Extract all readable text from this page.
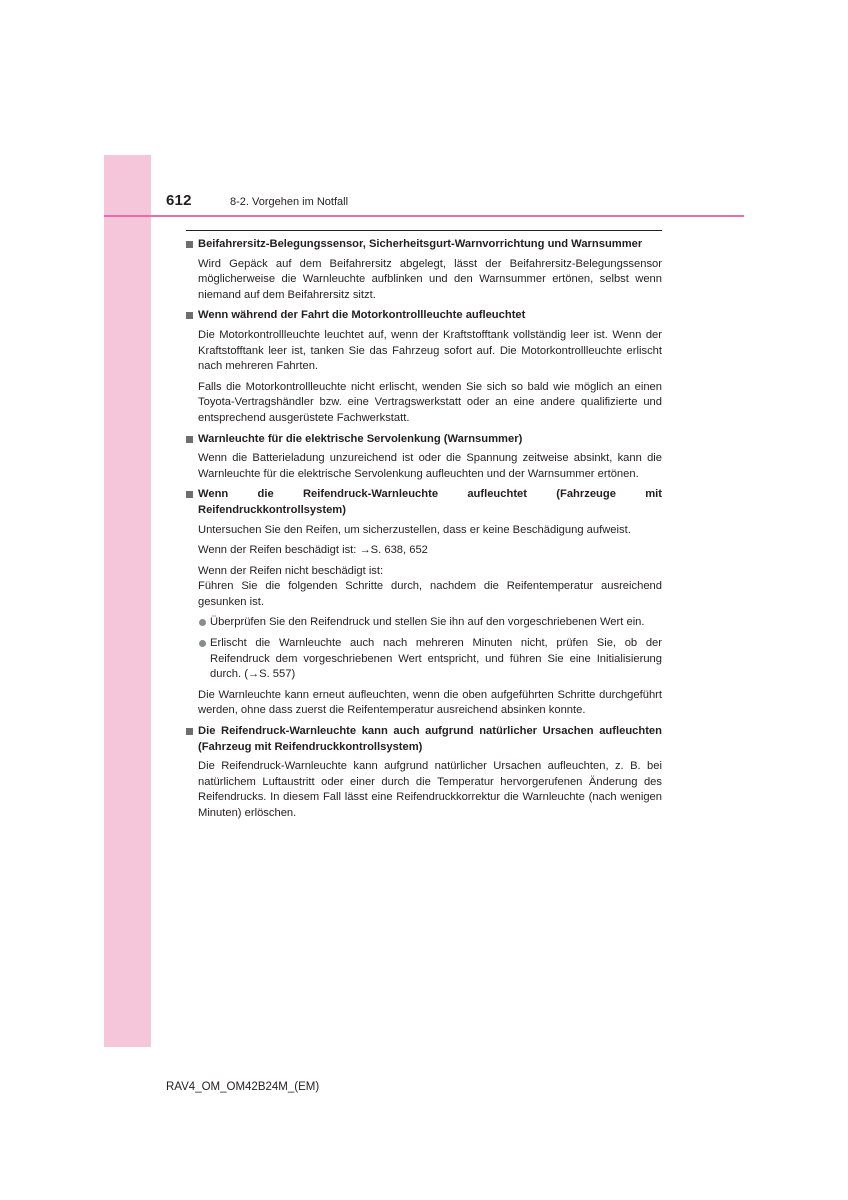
612	8-2. Vorgehen im Notfall
Beifahrersitz-Belegungssensor, Sicherheitsgurt-Warnvorrichtung und Warnsummer
Wird Gepäck auf dem Beifahrersitz abgelegt, lässt der Beifahrersitz-Belegungssensor möglicherweise die Warnleuchte aufblinken und den Warnsummer ertönen, selbst wenn niemand auf dem Beifahrersitz sitzt.
Wenn während der Fahrt die Motorkontrollleuchte aufleuchtet
Die Motorkontrollleuchte leuchtet auf, wenn der Kraftstofftank vollständig leer ist. Wenn der Kraftstofftank leer ist, tanken Sie das Fahrzeug sofort auf. Die Motorkontrollleuchte erlischt nach mehreren Fahrten.
Falls die Motorkontrollleuchte nicht erlischt, wenden Sie sich so bald wie möglich an einen Toyota-Vertragshändler bzw. eine Vertragswerkstatt oder an eine andere qualifizierte und entsprechend ausgerüstete Fachwerkstatt.
Warnleuchte für die elektrische Servolenkung (Warnsummer)
Wenn die Batterieladung unzureichend ist oder die Spannung zeitweise absinkt, kann die Warnleuchte für die elektrische Servolenkung aufleuchten und der Warnsummer ertönen.
Wenn die Reifendruck-Warnleuchte aufleuchtet (Fahrzeuge mit Reifendruckkontrollsystem)
Untersuchen Sie den Reifen, um sicherzustellen, dass er keine Beschädigung aufweist.
Wenn der Reifen beschädigt ist: →S. 638, 652
Wenn der Reifen nicht beschädigt ist:
Führen Sie die folgenden Schritte durch, nachdem die Reifentemperatur ausreichend gesunken ist.
Überprüfen Sie den Reifendruck und stellen Sie ihn auf den vorgeschriebenen Wert ein.
Erlischt die Warnleuchte auch nach mehreren Minuten nicht, prüfen Sie, ob der Reifendruck dem vorgeschriebenen Wert entspricht, und führen Sie eine Initialisierung durch. (→S. 557)
Die Warnleuchte kann erneut aufleuchten, wenn die oben aufgeführten Schritte durchgeführt werden, ohne dass zuerst die Reifentemperatur ausreichend absinken konnte.
Die Reifendruck-Warnleuchte kann auch aufgrund natürlicher Ursachen aufleuchten (Fahrzeug mit Reifendruckkontrollsystem)
Die Reifendruck-Warnleuchte kann aufgrund natürlicher Ursachen aufleuchten, z. B. bei natürlichem Luftaustritt oder einer durch die Temperatur hervorgerufenen Änderung des Reifendrucks. In diesem Fall lässt eine Reifendruckkorrektur die Warnleuchte (nach wenigen Minuten) erlöschen.
RAV4_OM_OM42B24M_(EM)
